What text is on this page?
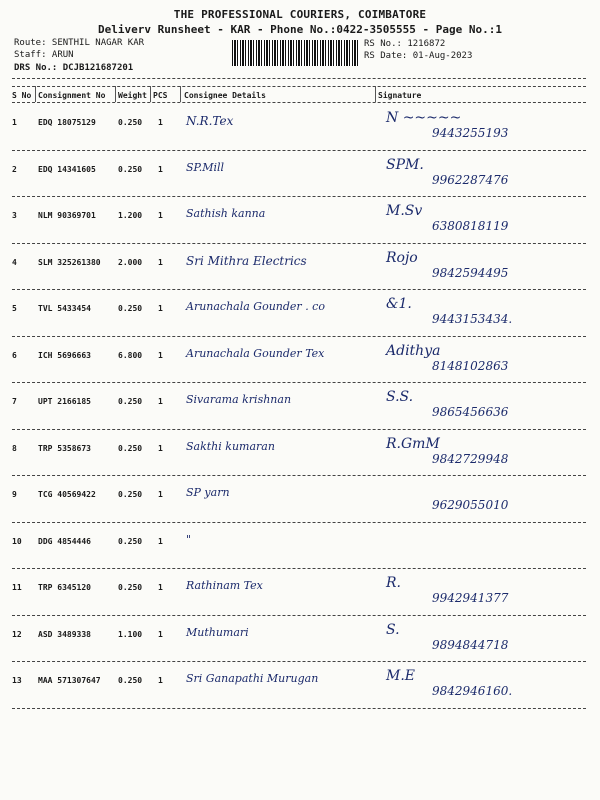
THE PROFESSIONAL COURIERS, COIMBATORE
Deliverv Runsheet - KAR - Phone No.:0422-3505555 - Page No.:1
Route: SENTHIL NAGAR KAR
Staff: ARUN
DRS No.: DCJB121687201
RS No.: 1216872
RS Date: 01-Aug-2023
S No Consignment No Weight PCS Consignee Details	Signature
1	EDQ 18075129	0.250 1 N.R.Tex	N ~~~~~
9443255193
2	EDQ 14341605	0.250 1 SP.Mill	SPM.
9962287476
3	NLM 90369701	1.200 1 Sathish kanna	M.Sv
6380818119
4	SLM 325261380 2.000 1 Sri Mithra Electrics	Rojo
9842594495
5	TVL 5433454	0.250 1 Arunachala Gounder . co	&1.
9443153434.
6	ICH 5696663	6.800 1 Arunachala Gounder Tex	Adithya
8148102863
7	UPT 2166185	0.250 1 Sivarama krishnan	S.S.
9865456636
8	TRP 5358673	0.250 1 Sakthi kumaran	R.GmM
9842729948
9	TCG 40569422	0.250 1 SP yarn
9629055010
10 DDG 4854446	0.250 1 "
11 TRP 6345120	0.250 1 Rathinam Tex	R.
9942941377
12 ASD 3489338	1.100 1 Muthumari	S.
9894844718
13 MAA 571307647 0.250 1 Sri Ganapathi Murugan	M.E
9842946160.
